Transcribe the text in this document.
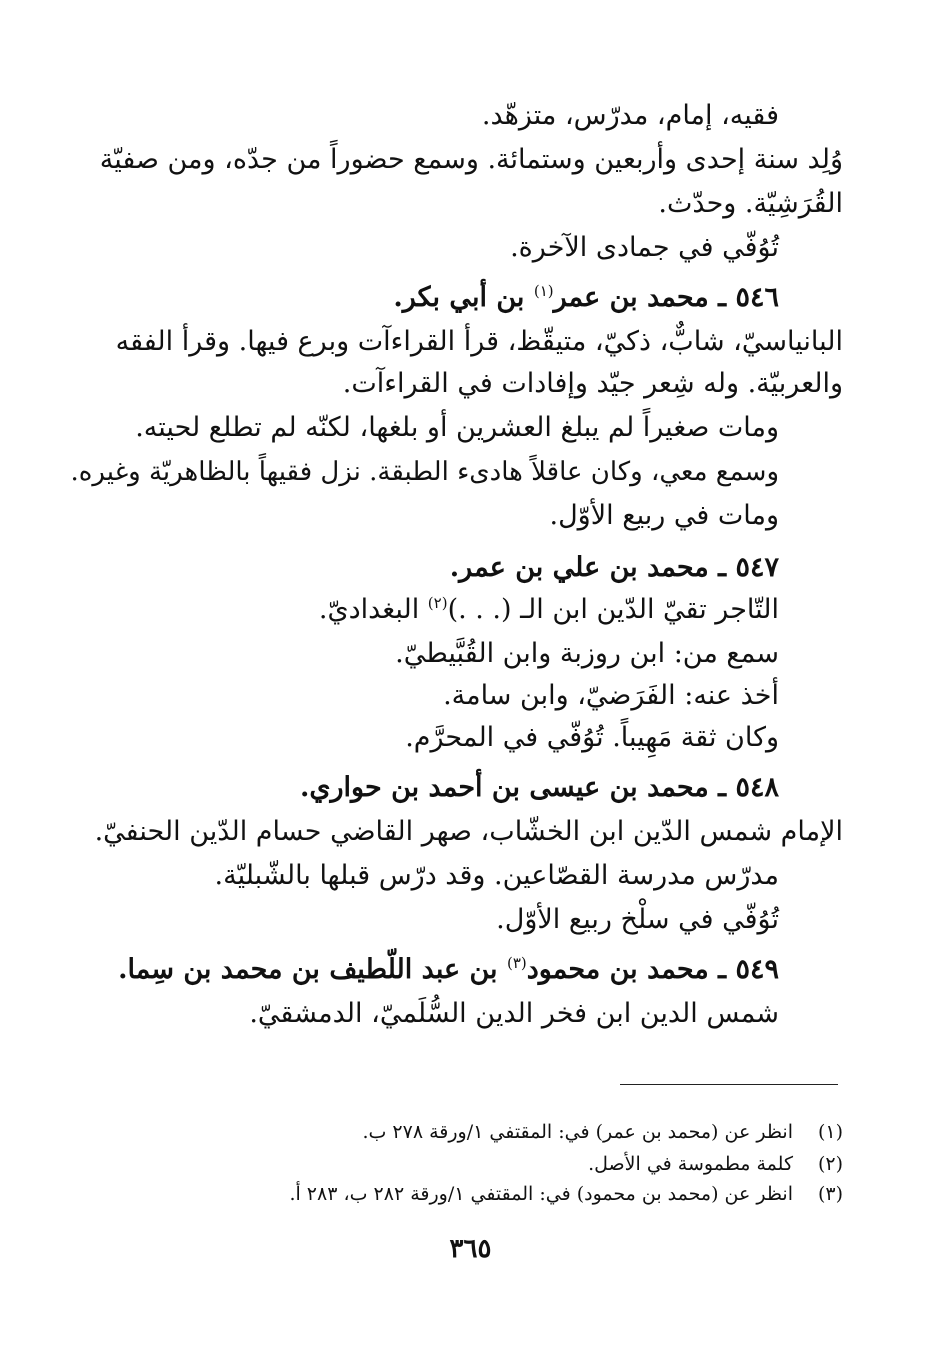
فقيه، إمام، مدرّس، متزهّد.
وُلِد سنة إحدى وأربعين وستمائة. وسمع حضوراً من جدّه، ومن صفيّة
القُرَشِيّة. وحدّث.
تُوُفّي في جمادى الآخرة.
٥٤٦ ـ محمد بن عمر$^{(١)}$ بن أبي بكر.
البانياسيّ، شابٌّ، ذكيّ، متيقّظ، قرأ القراءآت وبرع فيها. وقرأ الفقه
والعربيّة. وله شِعر جيّد وإفادات في القراءآت.
ومات صغيراً لم يبلغ العشرين أو بلغها، لكنّه لم تطلع لحيته.
وسمع معي، وكان عاقلاً هادىء الطبقة. نزل فقيهاً بالظاهريّة وغيره.
ومات في ربيع الأوّل.
٥٤٧ ـ محمد بن علي بن عمر.
التّاجر تقيّ الدّين ابن الـ (. . .)$^{(٢)}$ البغداديّ.
سمع من: ابن روزبة وابن القُبَّيطيّ.
أخذ عنه: الفَرَضيّ، وابن سامة.
وكان ثقة مَهِيباً. تُوُفّي في المحرَّم.
٥٤٨ ـ محمد بن عيسى بن أحمد بن حواري.
الإمام شمس الدّين ابن الخشّاب، صهر القاضي حسام الدّين الحنفيّ.
مدرّس مدرسة القصّاعين. وقد درّس قبلها بالشّبليّة.
تُوُفّي في سلْخ ربيع الأوّل.
٥٤٩ ـ محمد بن محمود$^{(٣)}$ بن عبد اللّطيف بن محمد بن سِما.
شمس الدين ابن فخر الدين السُّلَميّ، الدمشقيّ.
(١)انظر عن (محمد بن عمر) في: المقتفي ١/ورقة ٢٧٨ ب.
(٢)كلمة مطموسة في الأصل.
(٣)انظر عن (محمد بن محمود) في: المقتفي ١/ورقة ٢٨٢ ب، ٢٨٣ أ.
٣٦٥
